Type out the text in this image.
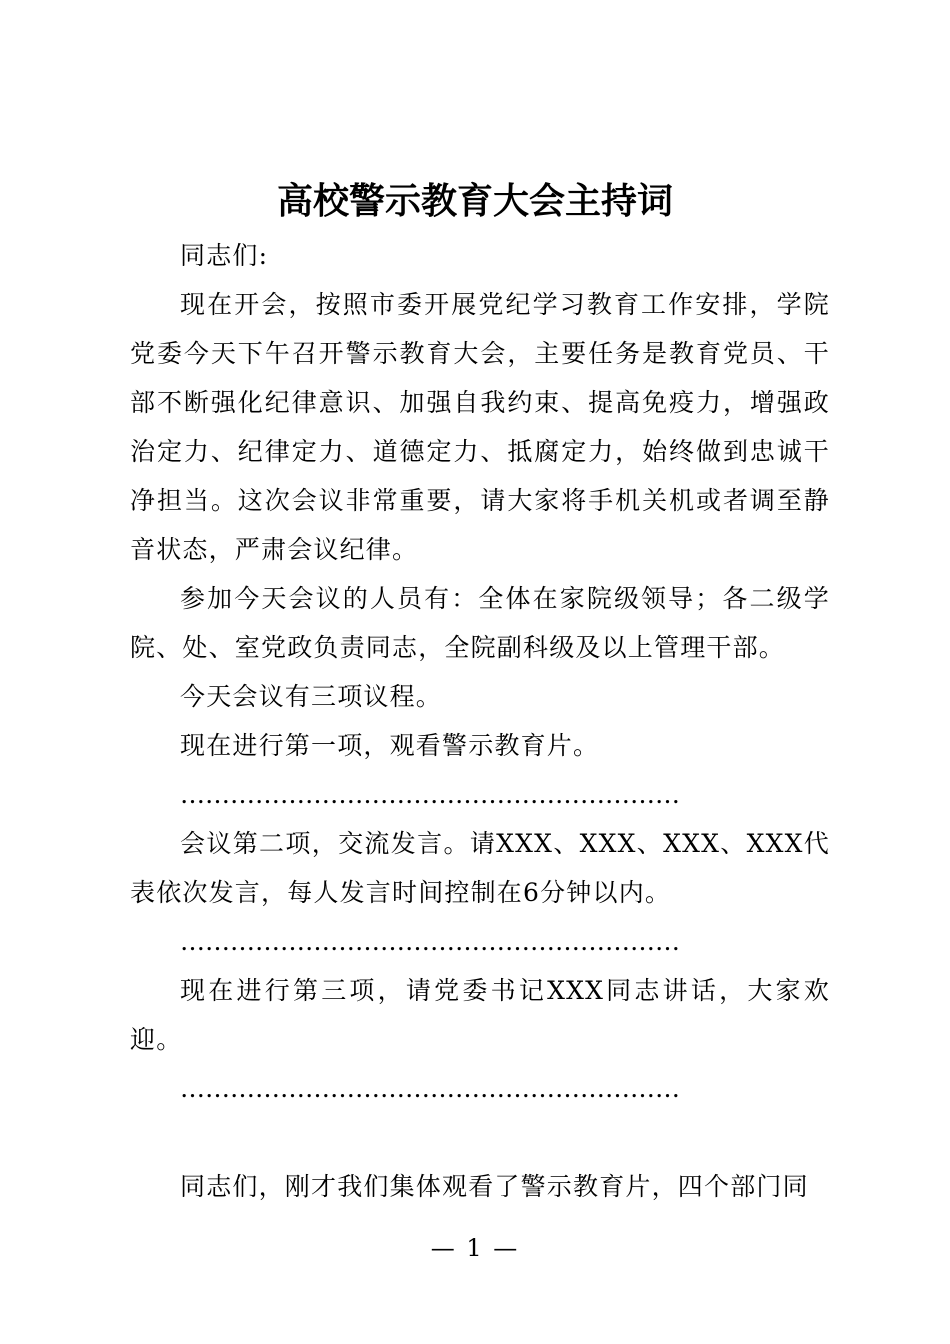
高校警示教育大会主持词

同志们:

现在开会，按照市委开展党纪学习教育工作安排，学院党委今天下午召开警示教育大会，主要任务是教育党员、干部不断强化纪律意识、加强自我约束、提高免疫力，增强政治定力、纪律定力、道德定力、抵腐定力，始终做到忠诚干净担当。这次会议非常重要，请大家将手机关机或者调至静音状态，严肃会议纪律。

参加今天会议的人员有：全体在家院级领导；各二级学院、处、室党政负责同志，全院副科级及以上管理干部。

今天会议有三项议程。

现在进行第一项，观看警示教育片。

……………………………………………………

会议第二项，交流发言。请XXX、XXX、XXX、XXX代表依次发言，每人发言时间控制在6分钟以内。

……………………………………………………

现在进行第三项，请党委书记XXX同志讲话，大家欢迎。

……………………………………………………

同志们，刚才我们集体观看了警示教育片，四个部门同

— 1 —
